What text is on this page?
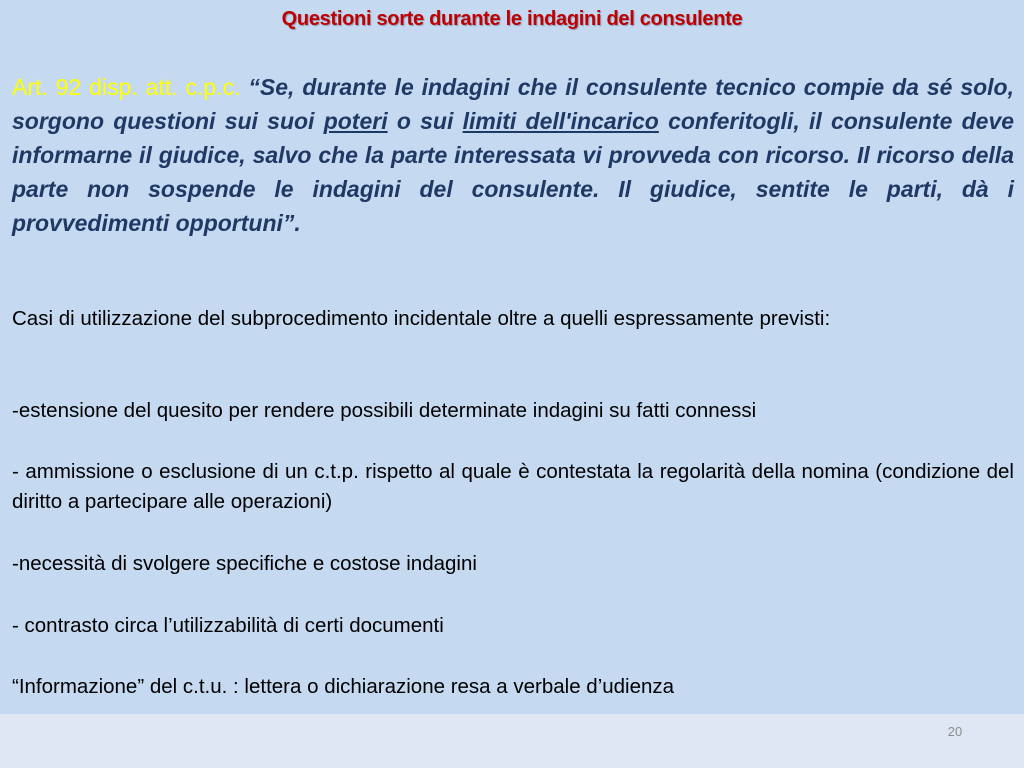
Questioni sorte durante le indagini del consulente
Art. 92 disp. att. c.p.c. “Se, durante le indagini che il consulente tecnico compie da sé solo, sorgono questioni sui suoi poteri o sui limiti dell'incarico conferitogli, il consulente deve informarne il giudice, salvo che la parte interessata vi provveda con ricorso. Il ricorso della parte non sospende le indagini del consulente. Il giudice, sentite le parti, dà i provvedimenti opportuni”.
Casi di utilizzazione del subprocedimento incidentale oltre a quelli espressamente previsti:
-estensione del quesito per rendere possibili determinate indagini su fatti connessi
- ammissione o esclusione di un c.t.p. rispetto al quale è contestata la regolarità della nomina (condizione del diritto a partecipare alle operazioni)
-necessità di svolgere specifiche e costose indagini
- contrasto circa l’utilizzabilità di certi documenti
“Informazione” del c.t.u. : lettera o dichiarazione resa a verbale d’udienza
20
